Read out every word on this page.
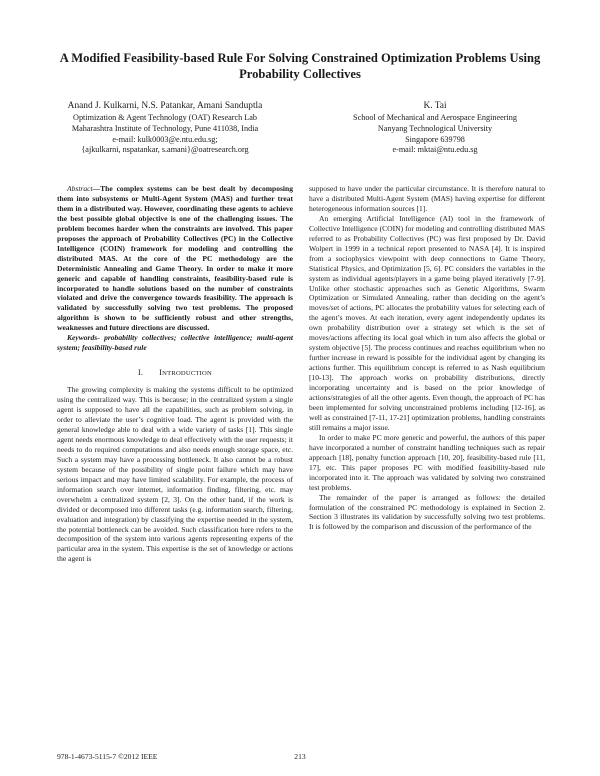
A Modified Feasibility-based Rule For Solving Constrained Optimization Problems Using Probability Collectives
Anand J. Kulkarni, N.S. Patankar, Amani Sanduptla
Optimization & Agent Technology (OAT) Research Lab
Maharashtra Institute of Technology, Pune 411038, India
e-mail: kulk0003@e.ntu.edu.sg;
{ajkulkarni, nspatankar, s.amani}@oatresearch.org
K. Tai
School of Mechanical and Aerospace Engineering
Nanyang Technological University
Singapore 639798
e-mail: mktai@ntu.edu.sg

Abstract—The complex systems can be best dealt by decomposing them into subsystems or Multi-Agent System (MAS) and further treat them in a distributed way. However, coordinating these agents to achieve the best possible global objective is one of the challenging issues. The problem becomes harder when the constraints are involved. This paper proposes the approach of Probability Collectives (PC) in the Collective Intelligence (COIN) framework for modeling and controlling the distributed MAS. At the core of the PC methodology are the Deterministic Annealing and Game Theory. In order to make it more generic and capable of handling constraints, feasibility-based rule is incorporated to handle solutions based on the number of constraints violated and drive the convergence towards feasibility. The approach is validated by successfully solving two test problems. The proposed algorithm is shown to be sufficiently robust and other strengths, weaknesses and future directions are discussed.

Keywords- probability collectives; collective intelligence; multi-agent system; feasibility-based rule

I. INTRODUCTION

The growing complexity is making the systems difficult to be optimized using the centralized way. This is because; in the centralized system a single agent is supposed to have all the capabilities, such as problem solving, in order to alleviate the user’s cognitive load. The agent is provided with the general knowledge able to deal with a wide variety of tasks [1]. This single agent needs enormous knowledge to deal effectively with the user requests; it needs to do required computations and also needs enough storage space, etc. Such a system may have a processing bottleneck. It also cannot be a robust system because of the possibility of single point failure which may have serious impact and may have limited scalability. For example, the process of information search over internet, information finding, filtering, etc. may overwhelm a centralized system [2, 3]. On the other hand, if the work is divided or decomposed into different tasks (e.g. information search, filtering, evaluation and integration) by classifying the expertise needed in the system, the potential bottleneck can be avoided. Such classification here refers to the decomposition of the system into various agents representing experts of the particular area in the system. This expertise is the set of knowledge or actions the agent is

supposed to have under the particular circumstance. It is therefore natural to have a distributed Multi-Agent System (MAS) having expertise for different heterogeneous information sources [1].

An emerging Artificial Intelligence (AI) tool in the framework of Collective Intelligence (COIN) for modeling and controlling distributed MAS referred to as Probability Collectives (PC) was first proposed by Dr. David Wolpert in 1999 in a technical report presented to NASA [4]. It is inspired from a sociophysics viewpoint with deep connections to Game Theory, Statistical Physics, and Optimization [5, 6]. PC considers the variables in the system as individual agents/players in a game being played iteratively [7-9]. Unlike other stochastic approaches such as Genetic Algorithms, Swarm Optimization or Simulated Annealing, rather than deciding on the agent’s moves/set of actions, PC allocates the probability values for selecting each of the agent’s moves. At each iteration, every agent independently updates its own probability distribution over a strategy set which is the set of moves/actions affecting its local goal which in turn also affects the global or system objective [5]. The process continues and reaches equilibrium when no further increase in reward is possible for the individual agent by changing its actions further. This equilibrium concept is referred to as Nash equilibrium [10-13]. The approach works on probability distributions, directly incorporating uncertainty and is based on the prior knowledge of actions/strategies of all the other agents. Even though, the approach of PC has been implemented for solving unconstrained problems including [12-16], as well as constrained [7-11, 17-21] optimization problems, handling constraints still remains a major issue.

In order to make PC more generic and powerful, the authors of this paper have incorporated a number of constraint handling techniques such as repair approach [18], penalty function approach [10, 20], feasibility-based rule [11, 17], etc. This paper proposes PC with modified feasibility-based rule incorporated into it. The approach was validated by solving two constrained test problems.

The remainder of the paper is arranged as follows: the detailed formulation of the constrained PC methodology is explained in Section 2. Section 3 illustrates its validation by successfully solving two test problems. It is followed by the comparison and discussion of the performance of the

978-1-4673-5115-7 ©2012 IEEE	213
